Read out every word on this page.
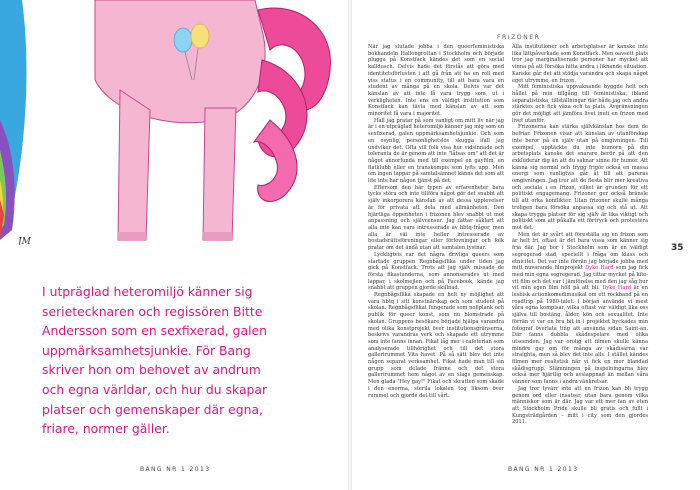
JM

I utpräglad heteromiljö känner sig
serietecknaren och regissören Bitte
Andersson som en sexfixerad, galen
uppmärksamhetsjunkie. För Bang
skriver hon om behovet av andrum
och egna världar, och hur du skapar
platser och gemenskaper där egna,
friare, normer gäller.

BANG NR 1 2013
FRIZONER

När jag slutade jobba i den queerfeministiska bokhandeln Hallongrottan i Stockholm och började plugga på Konstfack kändes det som en social kalldusch. Delvis hade det förstås att göra med identitetsförlusten i att gå från att ha en roll med viss status i en community, till att bara vara en student av många på en skola. Delvis var det känslan av att inte få vara trygg som, ut i verkligheten. Inte ens en väldigt institution som Konstfack kan tävla med känslan av att som minoritet få vara i majoritet.

Hall jag pratar på som vanligt om mitt liv när jag är i en utpräglad heteromiljö känner jag mig som en sexfixerad, galen uppmärksamhetsjunkie. Och som en osynlig, personlighetslös skugga ifall jag undviker det. Ofta vill folk visa hur vidsinnade och toleranta de är genom att inte "låtsas om" att det är något annorlunda med till exempel en gayfilm, en flatklubb eller en transkompis som lyfts upp. Men om ingen tappar på samtalsämnet känns det som att lite inte har någon tjänst på det.

Eftersom den här typen av erfarenheter bara tycks störa och inte tillföra något gör det snabbt att själv inkorporera känslan av att dessa upplevelser är för privata att dela med allmänheten. Den hjärtliga öppenheten i frizonen blev snabbt ut mot anpassning och självcensur. Jag fattar såklart att alla inte kan vara intresserade av hbtq-frågor, men alla är väl inte heller intresserade av bostadsrättsföreningar eller förlovningar och folk pratar om det ändå utan att samtalen tystnar.

Lyckligtvis var det några drivliga queers som startade gruppen Regnbågsflika under tiden jag gick på Konstfack. Trots att jag själv missade de första fikastunderna, som annonserades ut med lappar, i skolmejlen och på Facebook, kände jag snabbt att gruppen gjorde skillnad.

Regnbågsflika skapade en helt ny möjlighet att vara hbtq i sitt konstnärskap och som student på skolan. Regnbågsflikat fungerade som nollplank och publik för queer konst, som nu blomstrade på skolan. Gruppens besökare började hjälpa varandra med olika konstprojekt över institutionsgränserna, beskrivs varandras verk och skapade ett utrymme som inte fanns innan. Fikat låg mer i cafeterian som analyserade tillhörighet och till det stora gallerirummet Vita havet. På så sätt blev det inte någon separat verksamhet. Fikat hade man till sin grupp som delade fränne och det stora gallerirummet hem något av en slags gemenskap. Men glada "Hey gay!" Fikat och skratten som skade i den enorma, sterila lokalen tog liksom över rummet och gjorde det till vårt.

Alla institutioner och arbetsplatser är kanske inte lika lättpåverkade som Konstfack. Men oavsett plats tror jag marginaliserade personer har mycket att vinna på att försöka hitta andra i liknande situation. Kanske går det att stödja varandra och skapa något eget utrymme, en frizon.

Mitt feministiska uppvaknande byggde helt och hållet på min tillgång till feministiska, ibland separatistiska, tillställningar där både jag och andra stärktes och fick växa och ta plats. Avgränsningen gör det möjligt att jämföra livet inuti en frizon med livet utanför.

Frizonerna kan stärka självkänslan hos dem de befriar. Frizonen visar att känslan av utanförskap inte beror på en själv utan på omgivningen. Till exempel, upptäckte du inte humorn på din arbetsplats kanske det snarare berör på att den exkluderar dig än att du saknar sinne för humor. Att känna sig normal och trygg frigör också en massa energi som vanligtvis går åt till att pareras omgivningen. Jag tror att de flesta blir mer kreativa och sociala i en frizon, vilket är grunden för ett politiskt engagemang. Frizoner ger också bränsle till att orka konflikter. Utan frizoner skulle många troligen bara försöka anpassa sig och stå ut. Att skapa trygga platser för sig själv är lika viktigt och politiskt som att påkalla ett förtryck och protestera mot det.

Men det är svårt att föreställa sig en frizon som är helt fri, oftast är det bara vissa som känner sig fria där. Jag bor i Stockholm som är en väldigt segregerad stad, speciellt i fråga om klass och etnicitet. Det var inte förrän jag började jobba med mitt nuvarande filmprojekt Dyke Hard som jag fick med min egna segregerad. Jag tittar mycket på kite-vit film och det var i jämförelse med den jag såg hur vit min egen film höll på att bli. Dyke Hard är en lesbisk actionkomedimusikal om ett rockband på en roadtrip på 1980-talet. I början använde vi mest våra egna kompisar, vilka oftast var väldigt lika oss själva till bostäng, ålder, kön och sexualitet. Inte förrän vi var en bra bit in i projektet byckades min fotograf överlata ting att använda sidan Saint-an. Där fanns dubbla skådespelare med olika utseenden. Jag var orolig att filmen skulle känna mindre gay om för många av skådisarna var straighta, men så blev det inte alls. I stället kändes filmen mer realistisk när vi fick en mer blandad skådisgrupp. Stämningen på inspelningarna blev också mer hjärtlig och avslappnad än mellan våra vänner som fanns i andra vänkretsar.

Jag tror tyvärr inte att en frizon kan bli trygg genom ord eller insatser, utan bara genom vilka människor som är där. Jag var ett mer fan av eten att Stockholm Pride skulle bli gratis och fullt i Kungsträdgården – mitt i city som den gjordes 2011.

35
BANG NR 1 2013
